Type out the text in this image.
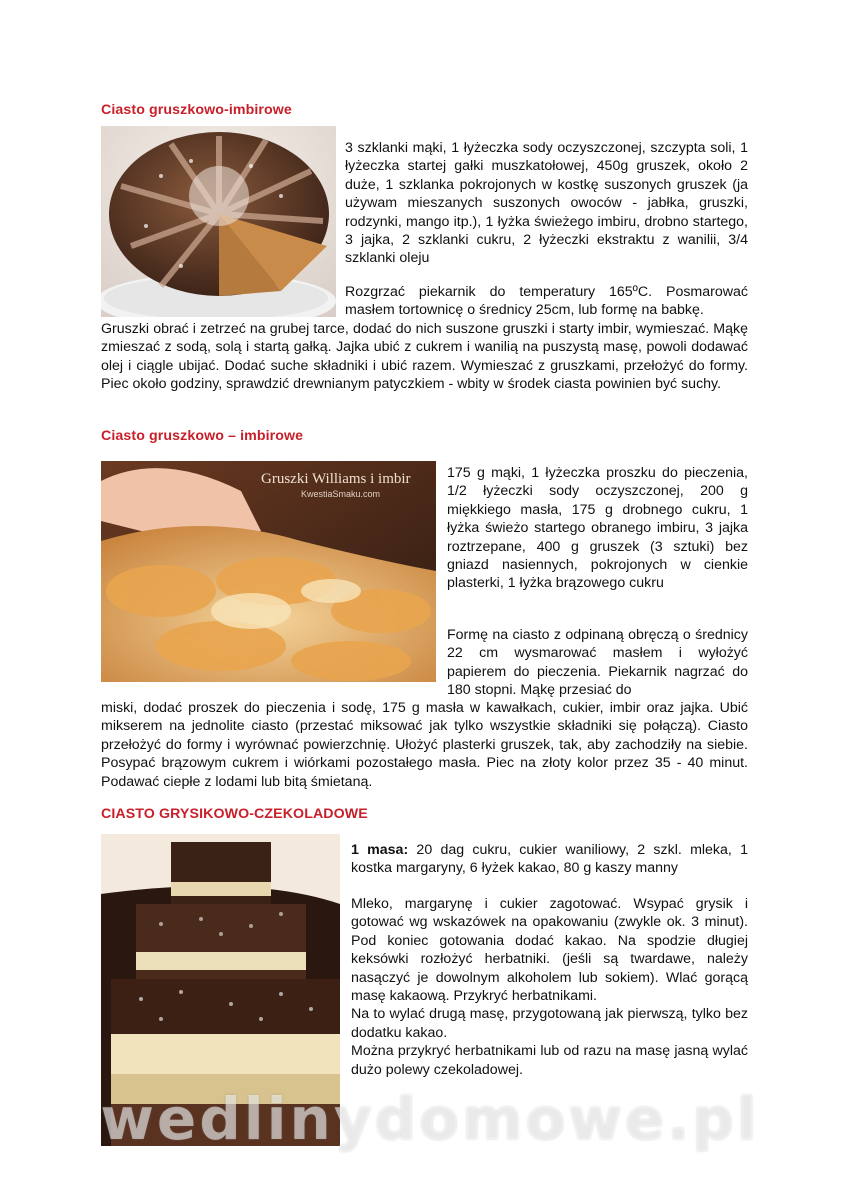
Ciasto gruszkowo-imbirowe
3 szklanki mąki, 1 łyżeczka sody oczyszczonej, szczypta soli, 1 łyżeczka startej gałki muszkatołowej, 450g gruszek, około 2 duże, 1 szklanka pokrojonych w kostkę suszonych gruszek (ja używam mieszanych suszonych owoców - jabłka, gruszki, rodzynki, mango itp.), 1 łyżka świeżego imbiru, drobno startego, 3 jajka, 2 szklanki cukru, 2 łyżeczki ekstraktu z wanilii, 3/4 szklanki oleju
Rozgrzać piekarnik do temperatury 165ºC. Posmarować masłem tortownicę o średnicy 25cm, lub formę na babkę.
Gruszki obrać i zetrzeć na grubej tarce, dodać do nich suszone gruszki i starty imbir, wymieszać. Mąkę zmieszać z sodą, solą i startą gałką. Jajka ubić z cukrem i wanilią na puszystą masę, powoli dodawać olej i ciągle ubijać. Dodać suche składniki i ubić razem. Wymieszać z gruszkami, przełożyć do formy. Piec około godziny, sprawdzić drewnianym patyczkiem - wbity w środek ciasta powinien być suchy.
Ciasto gruszkowo – imbirowe
Gruszki Williams i imbir
KwestiaSmaku.com
175 g mąki, 1 łyżeczka proszku do pieczenia, 1/2 łyżeczki sody oczyszczonej, 200 g miękkiego masła, 175 g drobnego cukru, 1 łyżka świeżo startego obranego imbiru, 3 jajka roztrzepane, 400 g gruszek (3 sztuki) bez gniazd nasiennych, pokrojonych w cienkie plasterki, 1 łyżka brązowego cukru
Formę na ciasto z odpinaną obręczą o średnicy 22 cm wysmarować masłem i wyłożyć papierem do pieczenia. Piekarnik nagrzać do 180 stopni. Mąkę przesiać do
miski, dodać proszek do pieczenia i sodę, 175 g masła w kawałkach, cukier, imbir oraz jajka. Ubić mikserem na jednolite ciasto (przestać miksować jak tylko wszystkie składniki się połączą). Ciasto przełożyć do formy i wyrównać powierzchnię. Ułożyć plasterki gruszek, tak, aby zachodziły na siebie. Posypać brązowym cukrem i wiórkami pozostałego masła. Piec na złoty kolor przez 35 - 40 minut. Podawać ciepłe z lodami lub bitą śmietaną.
CIASTO GRYSIKOWO-CZEKOLADOWE
1 masa: 20 dag cukru, cukier waniliowy, 2 szkl. mleka, 1 kostka margaryny, 6 łyżek kakao, 80 g kaszy manny

Mleko, margarynę i cukier zagotować. Wsypać grysik i gotować wg wskazówek na opakowaniu (zwykle ok. 3 minut). Pod koniec gotowania dodać kakao. Na spodzie długiej keksówki rozłożyć herbatniki. (jeśli są twardawe, należy nasączyć je dowolnym alkoholem lub sokiem). Wlać gorącą masę kakaową. Przykryć herbatnikami.

Na to wylać drugą masę, przygotowaną jak pierwszą, tylko bez dodatku kakao.

Można przykryć herbatnikami lub od razu na masę jasną wylać dużo polewy czekoladowej.

wedlinydomowe.pl
